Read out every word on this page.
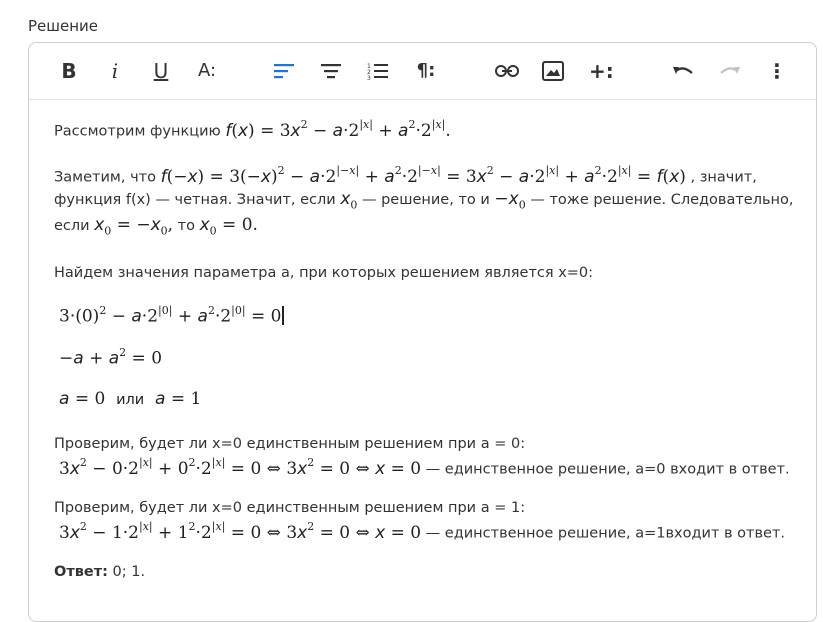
Решение
B i U A:	1
2
3	¶:	+:	⋮
Рассмотрим функцию $f(x) = 3x^2 - a\cdot 2^{|x|} + a^2\cdot 2^{|x|}$.
Заметим, что $f(-x) = 3(-x)^2 - a\cdot 2^{|-x|} + a^2\cdot 2^{|-x|} = 3x^2 - a\cdot 2^{|x|} + a^2\cdot 2^{|x|} = f(x)$ , значит,
функция f(x) — четная. Значит, если $x_0$ — решение, то $и -x_0$ — тоже решение. Следовательно,
если $x_0 = -x_0$, то $x_0 = 0$.
Найдем значения параметра а, при которых решением является x=0:
$3\cdot(0)^2 - a\cdot 2^{|0|} + a^2\cdot 2^{|0|} = 0$
$-a + a^2 = 0$
a = 0  или a = 1
Проверим, будет ли x=0 единственным решением при a = 0:
$3x^2 - 0\cdot 2^{|x|} + 0^2\cdot 2^{|x|} = 0$ ⇔ $3x^2 = 0$ ⇔ x = 0 — единственное решение, a=0 входит в ответ.
Проверим, будет ли x=0 единственным решением при a = 1:
$3x^2 - 1\cdot 2^{|x|} + 1^2\cdot 2^{|x|} = 0$ ⇔ $3x^2 = 0$ ⇔ x = 0 — единственное решение, a=1входит в ответ.
Ответ: 0; 1.
